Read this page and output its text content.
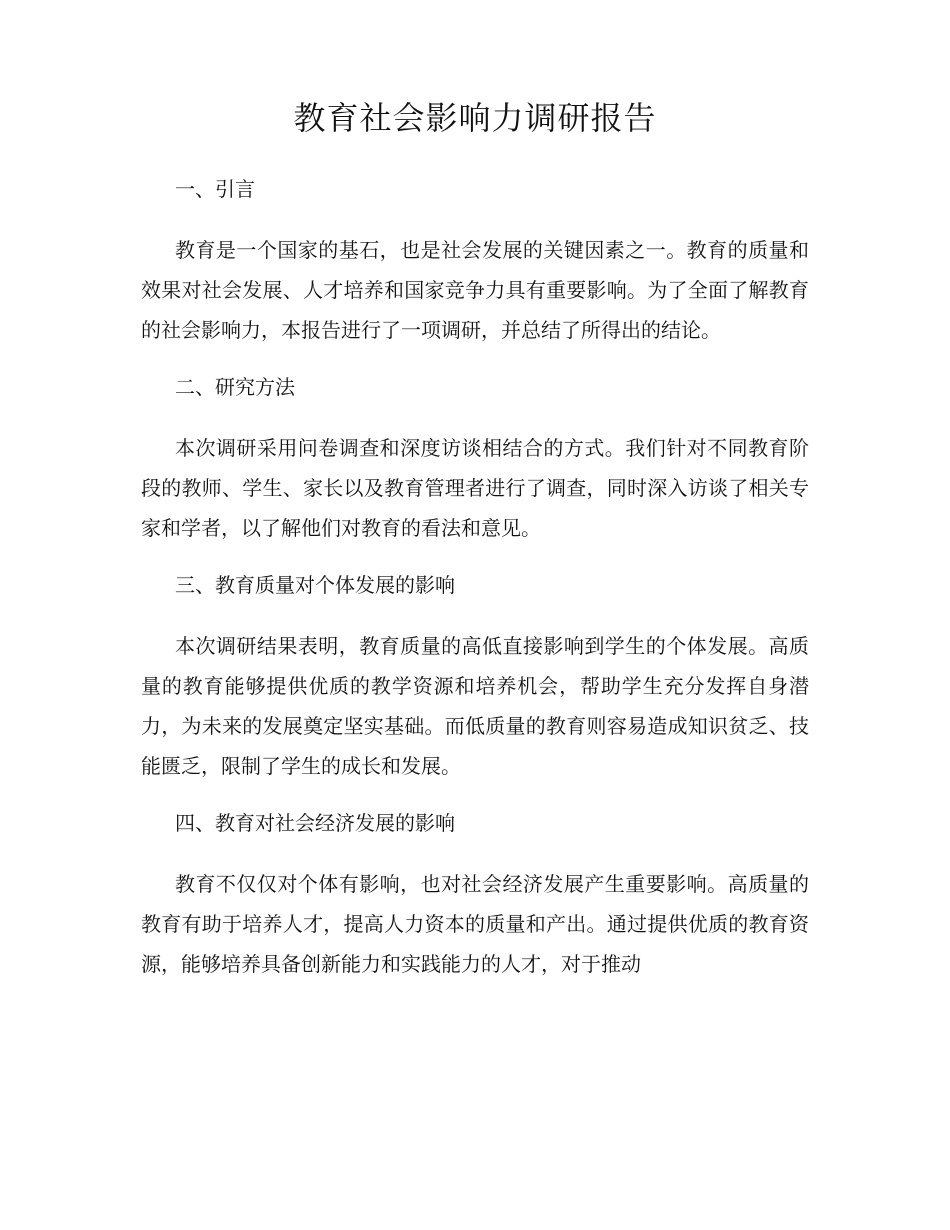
教育社会影响力调研报告
一、引言

教育是一个国家的基石，也是社会发展的关键因素之一。教育的质量和效果对社会发展、人才培养和国家竞争力具有重要影响。为了全面了解教育的社会影响力，本报告进行了一项调研，并总结了所得出的结论。

二、研究方法

本次调研采用问卷调查和深度访谈相结合的方式。我们针对不同教育阶段的教师、学生、家长以及教育管理者进行了调查，同时深入访谈了相关专家和学者，以了解他们对教育的看法和意见。

三、教育质量对个体发展的影响

本次调研结果表明，教育质量的高低直接影响到学生的个体发展。高质量的教育能够提供优质的教学资源和培养机会，帮助学生充分发挥自身潜力，为未来的发展奠定坚实基础。而低质量的教育则容易造成知识贫乏、技能匮乏，限制了学生的成长和发展。

四、教育对社会经济发展的影响

教育不仅仅对个体有影响，也对社会经济发展产生重要影响。高质量的教育有助于培养人才，提高人力资本的质量和产出。通过提供优质的教育资源，能够培养具备创新能力和实践能力的人才，对于推动
